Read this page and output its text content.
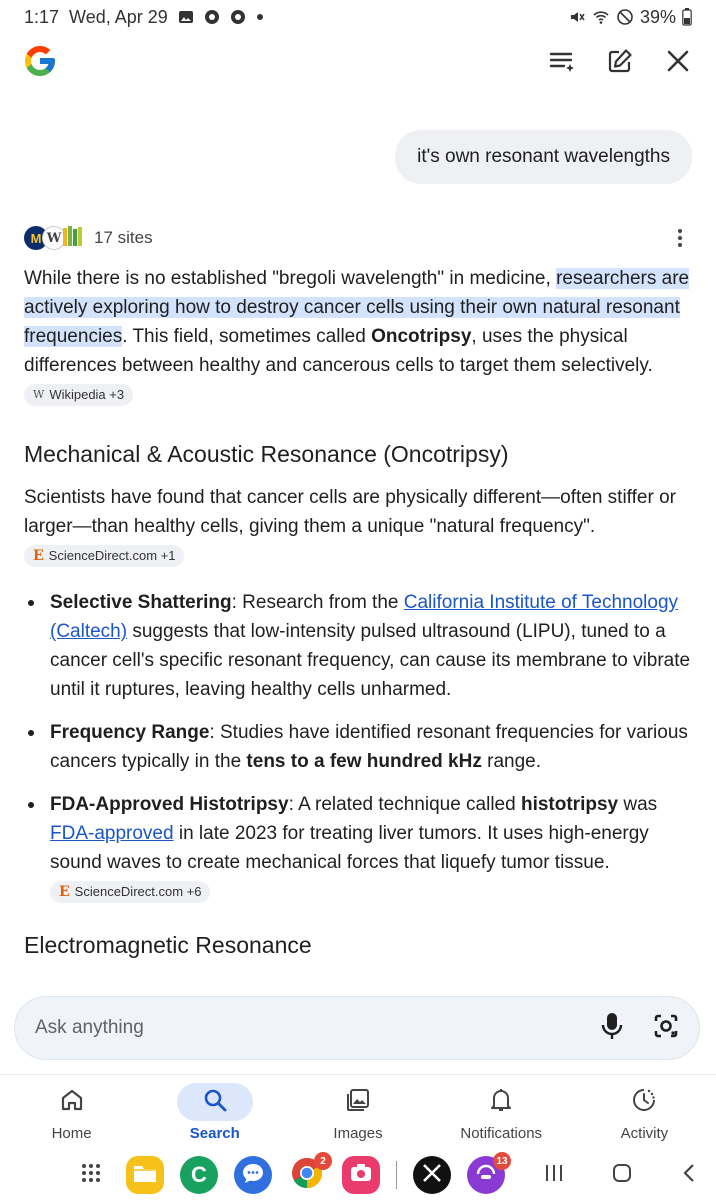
1:17 Wed, Apr 29	39%
it's own resonant wavelengths
M W 17 sites

While there is no established "bregoli wavelength" in medicine, researchers are actively exploring how to destroy cancer cells using their own natural resonant frequencies. This field, sometimes called Oncotripsy, uses the physical differences between healthy and cancerous cells to target them selectively.
W Wikipedia +3

Mechanical & Acoustic Resonance (Oncotripsy)

Scientists have found that cancer cells are physically different—often stiffer or larger—than healthy cells, giving them a unique "natural frequency".
E ScienceDirect.com +1

Selective Shattering: Research from the California Institute of Technology (Caltech) suggests that low-intensity pulsed ultrasound (LIPU), tuned to a cancer cell's specific resonant frequency, can cause its membrane to vibrate until it ruptures, leaving healthy cells unharmed.
Frequency Range: Studies have identified resonant frequencies for various cancers typically in the tens to a few hundred kHz range.
FDA-Approved Histotripsy: A related technique called histotripsy was FDA-approved in late 2023 for treating liver tumors. It uses high-energy sound waves to create mechanical forces that liquefy tumor tissue.
E ScienceDirect.com +6
Electromagnetic Resonance
Ask anything
Home	Search	Images	Notifications	Activity
C
2	13
